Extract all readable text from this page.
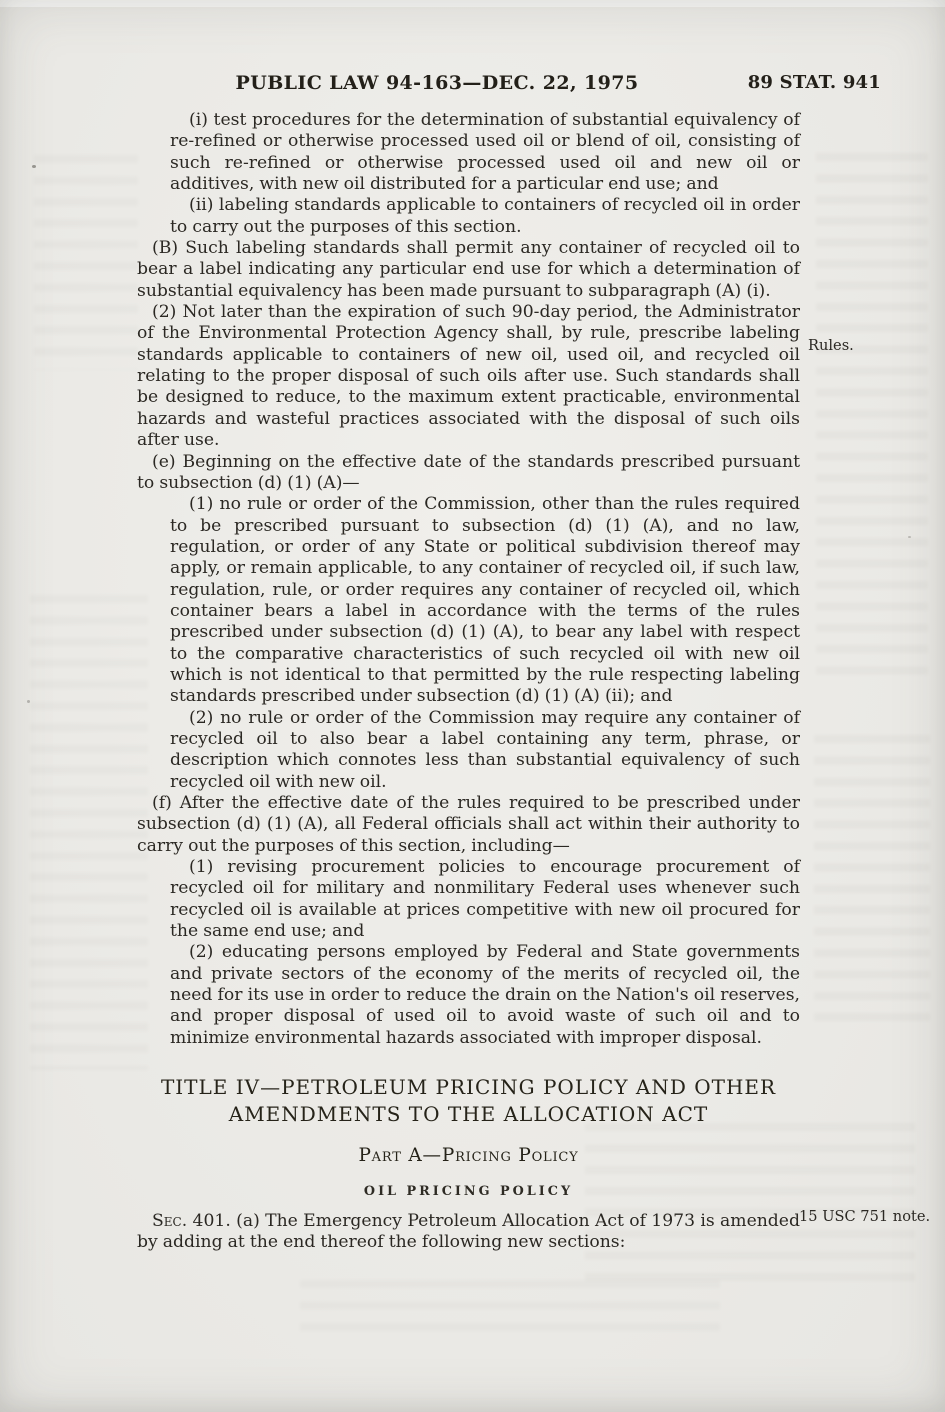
PUBLIC LAW 94-163—DEC. 22, 1975	89 STAT. 941
Rules.
15 USC 751 note.

(i) test procedures for the determination of substantial equivalency of re-refined or otherwise processed used oil or blend of oil, consisting of such re-refined or otherwise processed used oil and new oil or additives, with new oil distributed for a particular end use; and

(ii) labeling standards applicable to containers of recycled oil in order to carry out the purposes of this section.

(B) Such labeling standards shall permit any container of recycled oil to bear a label indicating any particular end use for which a determination of substantial equivalency has been made pursuant to subparagraph (A) (i).

(2) Not later than the expiration of such 90-day period, the Administrator of the Environmental Protection Agency shall, by rule, prescribe labeling standards applicable to containers of new oil, used oil, and recycled oil relating to the proper disposal of such oils after use. Such standards shall be designed to reduce, to the maximum extent practicable, environmental hazards and wasteful practices associated with the disposal of such oils after use.

(e) Beginning on the effective date of the standards prescribed pursuant to subsection (d) (1) (A)—

(1) no rule or order of the Commission, other than the rules required to be prescribed pursuant to subsection (d) (1) (A), and no law, regulation, or order of any State or political subdivision thereof may apply, or remain applicable, to any container of recycled oil, if such law, regulation, rule, or order requires any container of recycled oil, which container bears a label in accordance with the terms of the rules prescribed under subsection (d) (1) (A), to bear any label with respect to the comparative characteristics of such recycled oil with new oil which is not identical to that permitted by the rule respecting labeling standards prescribed under subsection (d) (1) (A) (ii); and

(2) no rule or order of the Commission may require any container of recycled oil to also bear a label containing any term, phrase, or description which connotes less than substantial equivalency of such recycled oil with new oil.

(f) After the effective date of the rules required to be prescribed under subsection (d) (1) (A), all Federal officials shall act within their authority to carry out the purposes of this section, including—

(1) revising procurement policies to encourage procurement of recycled oil for military and nonmilitary Federal uses whenever such recycled oil is available at prices competitive with new oil procured for the same end use; and

(2) educating persons employed by Federal and State governments and private sectors of the economy of the merits of recycled oil, the need for its use in order to reduce the drain on the Nation's oil reserves, and proper disposal of used oil to avoid waste of such oil and to minimize environmental hazards associated with improper disposal.

TITLE IV—PETROLEUM PRICING POLICY AND OTHER
AMENDMENTS TO THE ALLOCATION ACT
Part A—Pricing Policy
OIL PRICING POLICY

Sec. 401. (a) The Emergency Petroleum Allocation Act of 1973 is amended by adding at the end thereof the following new sections:
